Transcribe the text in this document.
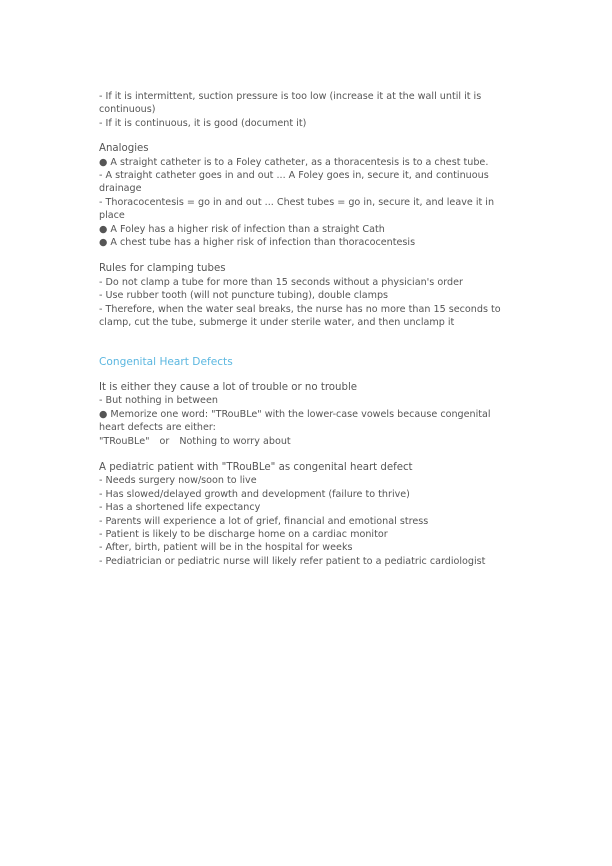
- If it is intermittent, suction pressure is too low (increase it at the wall until it is continuous)

- If it is continuous, it is good (document it)

Analogies

● A straight catheter is to a Foley catheter, as a thoracentesis is to a chest tube.

- A straight catheter goes in and out ... A Foley goes in, secure it, and continuous drainage

- Thoracocentesis = go in and out ... Chest tubes = go in, secure it, and leave it in place

● A Foley has a higher risk of infection than a straight Cath

● A chest tube has a higher risk of infection than thoracocentesis

Rules for clamping tubes

- Do not clamp a tube for more than 15 seconds without a physician's order

- Use rubber tooth (will not puncture tubing), double clamps

- Therefore, when the water seal breaks, the nurse has no more than 15 seconds to clamp, cut the tube, submerge it under sterile water, and then unclamp it

Congenital Heart Defects

It is either they cause a lot of trouble or no trouble

- But nothing in between

● Memorize one word: "TRouBLe" with the lower-case vowels because congenital heart defects are either:

"TRouBLe" or Nothing to worry about

A pediatric patient with "TRouBLe" as congenital heart defect

- Needs surgery now/soon to live

- Has slowed/delayed growth and development (failure to thrive)

- Has a shortened life expectancy

- Parents will experience a lot of grief, financial and emotional stress

- Patient is likely to be discharge home on a cardiac monitor

- After, birth, patient will be in the hospital for weeks

- Pediatrician or pediatric nurse will likely refer patient to a pediatric cardiologist
